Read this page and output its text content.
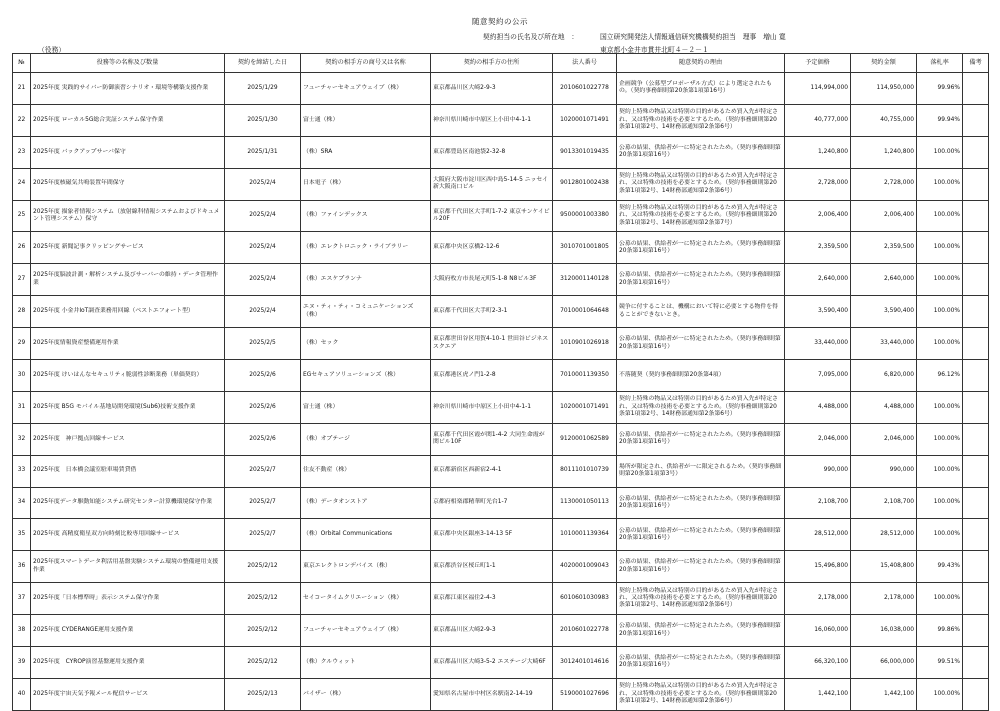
随意契約の公示
契約担当の氏名及び所在地　：	国立研究開発法人情報通信研究機構契約担当　理事　増山 寛
東京都小金井市貫井北町４－２－１
（役務）
№	役務等の名称及び数量	契約を締結した日	契約の相手方の商号又は名称	契約の相手方の住所	法人番号	随意契約の理由	予定価格	契約金額	落札率	備考
21	2025年度 実践的サイバー防御演習シナリオ・環境等構築支援作業	2025/1/29	フューチャーセキュアウェイブ（株）	東京都品川区大崎2-9-3	2010601022778	企画競争（公募型プロポーザル方式）により選定されたもの。（契約事務細則第20条第1項第16号）	114,994,000	114,950,000	99.96%	
22	2025年度 ローカル5G総合実証システム保守作業	2025/1/30	富士通（株）	神奈川県川崎市中原区上小田中4-1-1	1020001071491	契約上特殊の物品又は特別の目的があるため買入先が特定され、又は特殊の技術を必要とするため。（契約事務細則第20条第1項第2号、14財務部通知第2条第6号）	40,777,000	40,755,000	99.94%	
23	2025年度 バックアップサーバ保守	2025/1/31	（株）SRA	東京都豊島区南池袋2-32-8	9013301019435	公募の結果、供給者が一に特定されたため。（契約事務細則第20条第1項第16号）	1,240,800	1,240,800	100.00%	
24	2025年度核磁気共鳴装置年間保守	2025/2/4	日本電子（株）	大阪府大阪市淀川区西中島5-14-5 ニッセイ新大阪南口ビル	9012801002438	契約上特殊の物品又は特別の目的があるため買入先が特定され、又は特殊の技術を必要とするため。（契約事務細則第20条第1項第2号、14財務部通知第2条第6号）	2,728,000	2,728,000	100.00%	
25	2025年度 描象者情報システム（放射線科情報システムおよびドキュメント管理システム）保守	2025/2/4	（株）ファインデックス	東京都千代田区大手町1-7-2 東京サンケイビル20F	9500001003380	契約上特殊の物品又は特別の目的があるため買入先が特定され、又は特殊の技術を必要とするため。（契約事務細則第20条第1項第2号、14財務部通知第2条第7号）	2,006,400	2,006,400	100.00%	
26	2025年度 新聞記事クリッピングサービス	2025/2/4	（株）エレクトロニック・ライブラリー	東京都中央区京橋2-12-6	3010701001805	公募の結果、供給者が一に特定されたため。（契約事務細則第20条第1項第16号）	2,359,500	2,359,500	100.00%	
27	2025年度脳波計測・解析システム及びサーバーの維持・データ管理作業	2025/2/4	（株）エスケプランナ	大阪府枚方市長尾元町5-1-8 N8ビル3F	3120001140128	公募の結果、供給者が一に特定されたため。（契約事務細則第20条第1項第16号）	2,640,000	2,640,000	100.00%	
28	2025年度 小金井IoT調査業務用回線（ベストエフォート型）	2025/2/4	エヌ・ティ・ティ・コミュニケーションズ（株）	東京都千代田区大手町2-3-1	7010001064648	競争に付することは、機構において特に必要とする物件を得ることができないとき。	3,590,400	3,590,400	100.00%	
29	2025年度情報資産整備運用作業	2025/2/5	（株）セック	東京都世田谷区用賀4-10-1 世田谷ビジネススクエア	1010901026918	公募の結果、供給者が一に特定されたため。（契約事務細則第20条第1項第16号）	33,440,000	33,440,000	100.00%	
30	2025年度 けいはんなセキュリティ脆弱性診断業務（単価契約）	2025/2/6	EGセキュアソリューションズ（株）	東京都港区虎ノ門1-2-8	7010001139350	不落随契（契約事務細則第20条第4項）	7,095,000	6,820,000	96.12%	
31	2025年度 B5G モバイル基地局開発環境(Sub6)技術支援作業	2025/2/6	富士通（株）	神奈川県川崎市中原区上小田中4-1-1	1020001071491	契約上特殊の物品又は特別の目的があるため買入先が特定され、又は特殊の技術を必要とするため。（契約事務細則第20条第1項第2号、14財務部通知第2条第6号）	4,488,000	4,488,000	100.00%	
32	2025年度　神戸拠点回線サービス	2025/2/6	（株）オプテージ	東京都千代田区霞が関1-4-2 大同生命霞が関ビル10F	9120001062589	公募の結果、供給者が一に特定されたため。（契約事務細則第20条第1項第16号）	2,046,000	2,046,000	100.00%	
33	2025年度　日本橋会議室駐車場賃貸借	2025/2/7	住友不動産（株）	東京都新宿区西新宿2-4-1	8011101010739	場所が限定され、供給者が一に限定されるため。（契約事務細則第20条第1項第3号）	990,000	990,000	100.00%	
34	2025年度データ駆動知能システム研究センター計算機環境保守作業	2025/2/7	（株）データオンストア	京都府相楽郡精華町光台1-7	1130001050113	公募の結果、供給者が一に特定されたため。（契約事務細則第20条第1項第16号）	2,108,700	2,108,700	100.00%	
35	2025年度 高精度衛星双方向時刻比較専用回線サービス	2025/2/7	（株）Orbital Communications	東京都中央区銀座3-14-13 5F	1010001139364	公募の結果、供給者が一に特定されたため。（契約事務細則第20条第1項第16号）	28,512,000	28,512,000	100.00%	
36	2025年度スマートデータ利活用基盤実験システム環境の整備運用支援作業	2025/2/12	東京エレクトロンデバイス（株）	東京都渋谷区桜丘町1-1	4020001009043	公募の結果、供給者が一に特定されたため。（契約事務細則第20条第1項第16号）	15,496,800	15,408,800	99.43%	
37	2025年度「日本標準時」表示システム保守作業	2025/2/12	セイコータイムクリエーション（株）	東京都江東区福住2-4-3	6010601030983	契約上特殊の物品又は特別の目的があるため買入先が特定され、又は特殊の技術を必要とするため。（契約事務細則第20条第1項第2号、14財務部通知第2条第6号）	2,178,000	2,178,000	100.00%	
38	2025年度 CYDERANGE運用支援作業	2025/2/12	フューチャーセキュアウェイブ（株）	東京都品川区大崎2-9-3	2010601022778	公募の結果、供給者が一に特定されたため。（契約事務細則第20条第1項第16号）	16,060,000	16,038,000	99.86%	
39	2025年度　CYROP演習基盤運用支援作業	2025/2/12	（株）クルウィット	東京都品川区大崎3-5-2 エステージ大崎6F	3012401014616	公募の結果、供給者が一に特定されたため。（契約事務細則第20条第1項第16号）	66,320,100	66,000,000	99.51%	
40	2025年度宇宙天気予報メール配信サービス	2025/2/13	パイザー（株）	愛知県名古屋市中村区名駅南2-14-19	5190001027696	契約上特殊の物品又は特別の目的があるため買入先が特定され、又は特殊の技術を必要とするため。（契約事務細則第20条第1項第2号、14財務部通知第2条第6号）	1,442,100	1,442,100	100.00%	
